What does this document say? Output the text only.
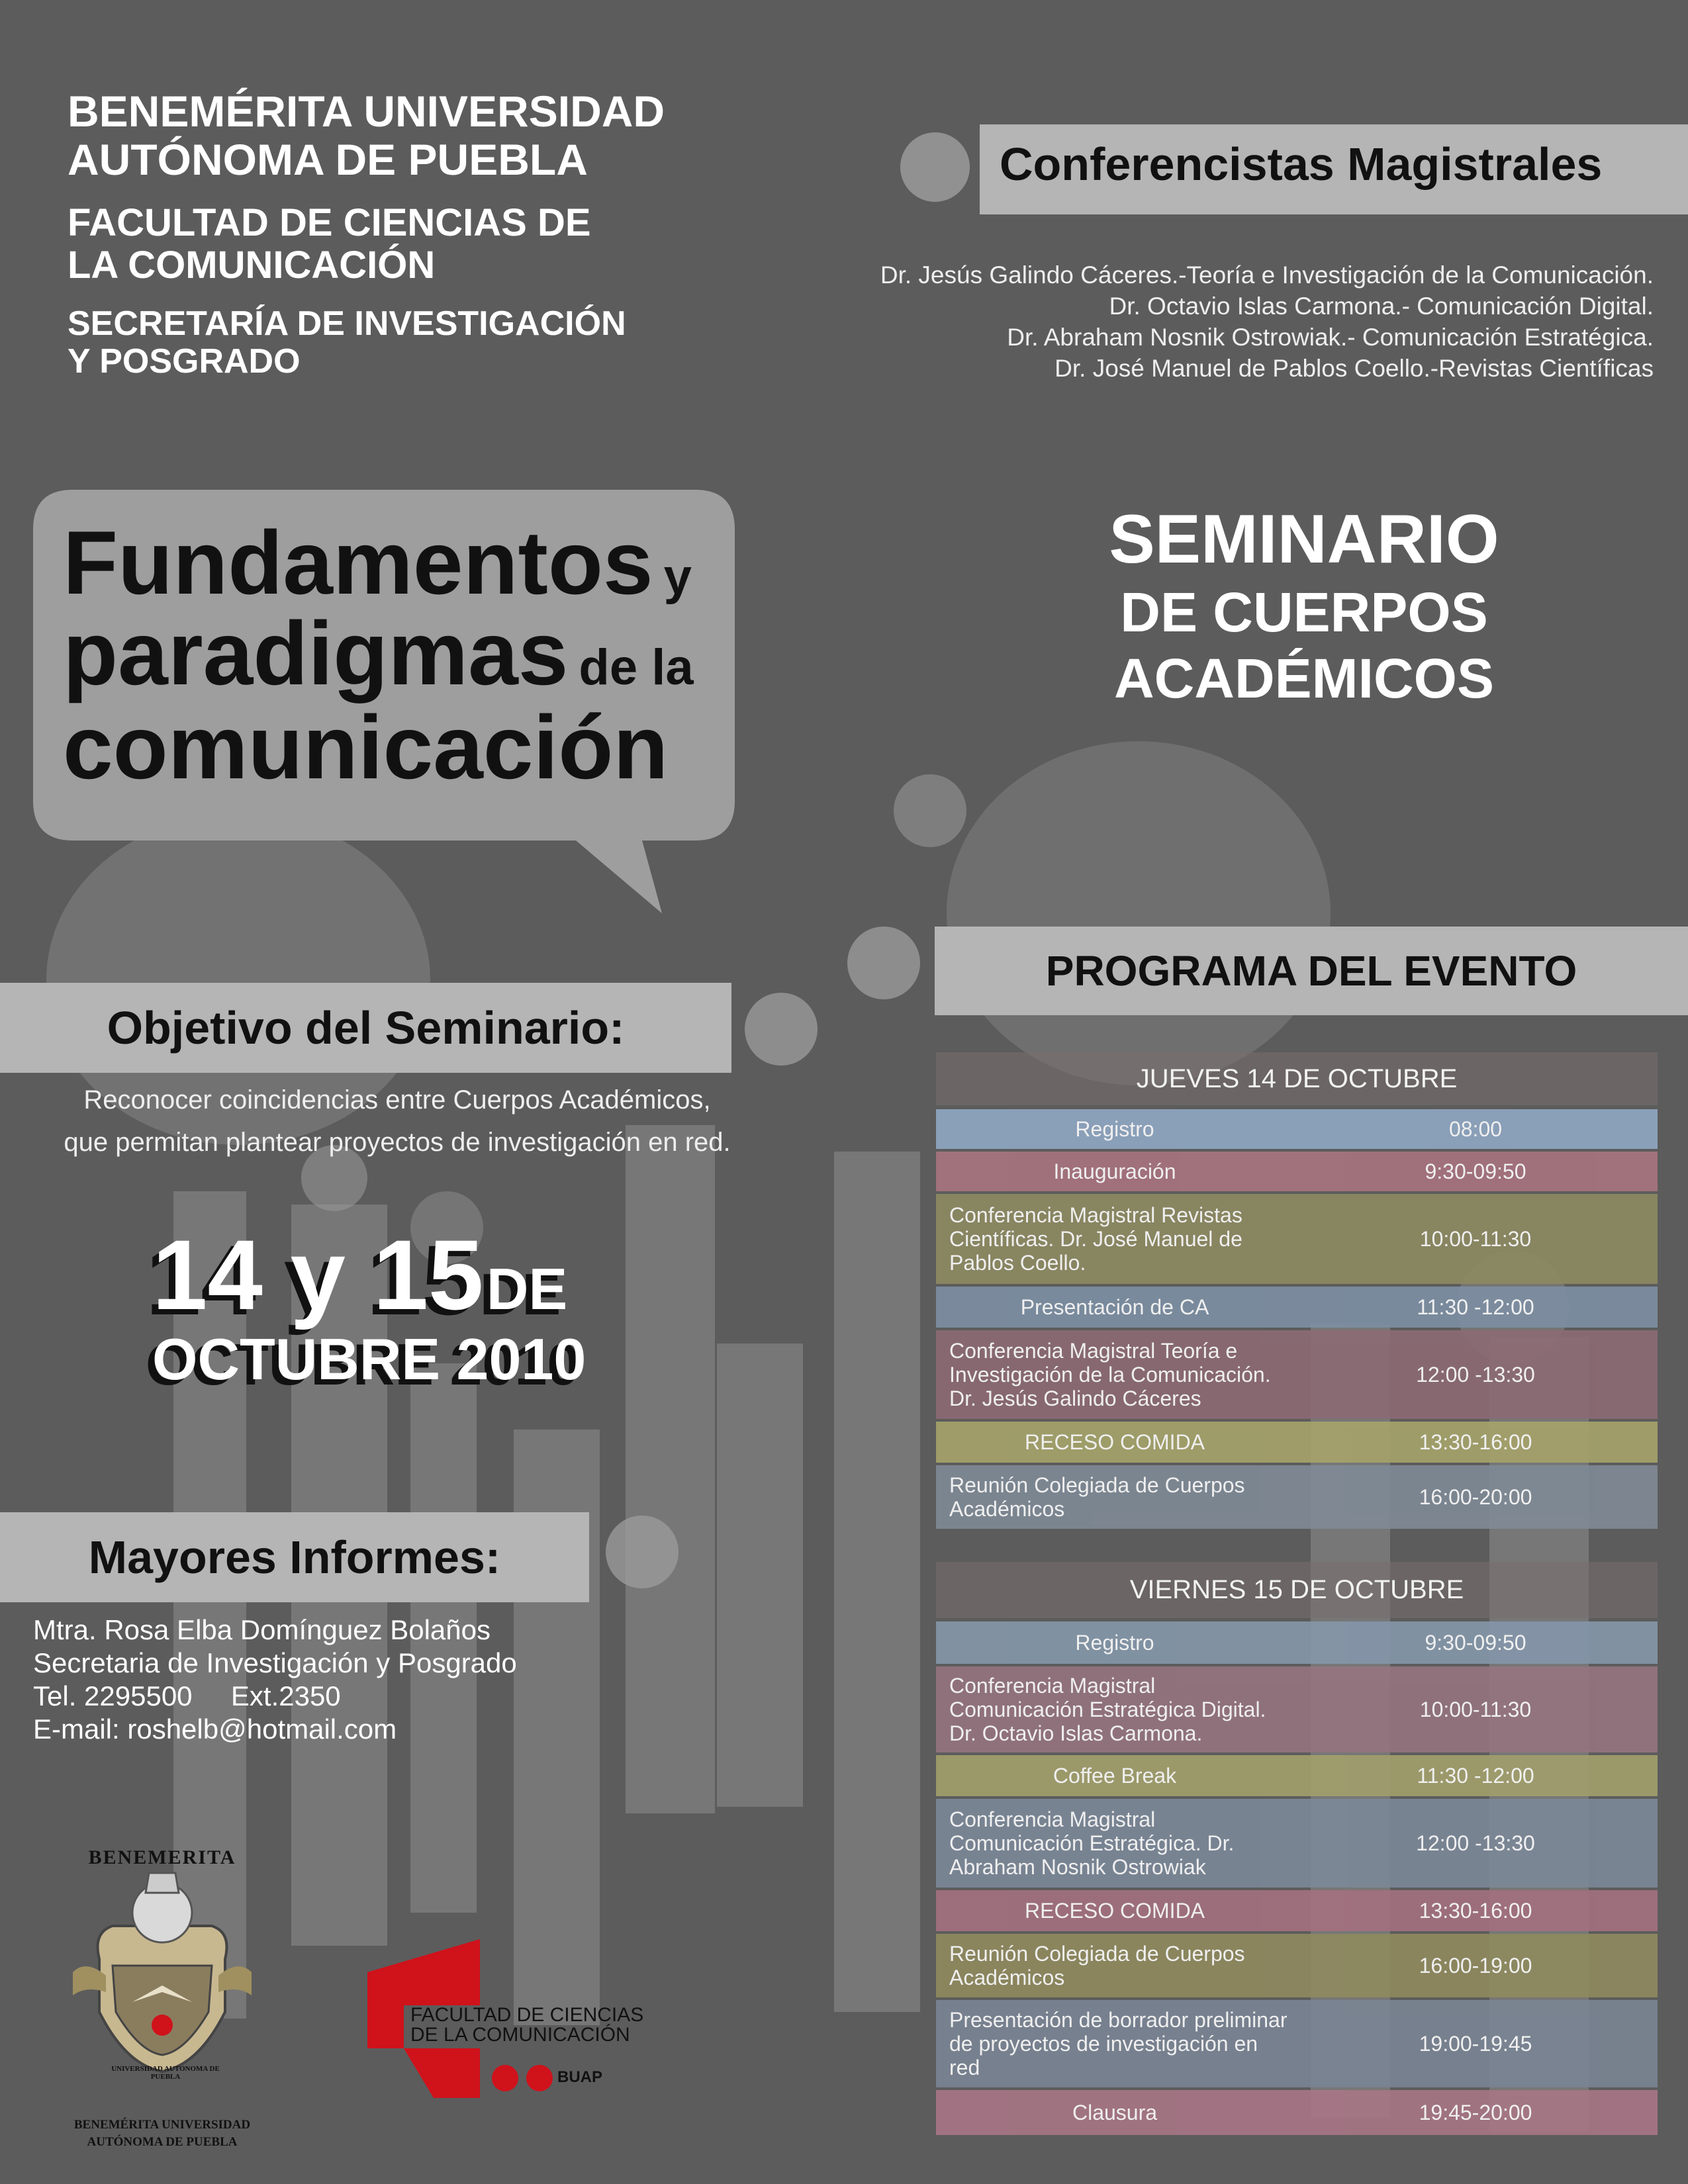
BENEMÉRITA UNIVERSIDAD
AUTÓNOMA DE PUEBLA
FACULTAD DE CIENCIAS DE
LA COMUNICACIÓN
SECRETARÍA DE INVESTIGACIÓN
Y POSGRADO
Conferencistas Magistrales
Dr. Jesús Galindo Cáceres.-Teoría e Investigación de la Comunicación.
Dr. Octavio Islas Carmona.- Comunicación Digital.
Dr. Abraham Nosnik Ostrowiak.- Comunicación Estratégica.
Dr. José Manuel de Pablos Coello.-Revistas Científicas
Fundamentos y
paradigmas de la
comunicación
SEMINARIO
DE CUERPOS
ACADÉMICOS
Objetivo del Seminario:
Reconocer coincidencias entre Cuerpos Académicos,
que permitan plantear proyectos de investigación en red.
14 y 15 DE
OCTUBRE 2010
Mayores Informes:
Mtra. Rosa Elba Domínguez Bolaños
Secretaria de Investigación y Posgrado
Tel. 2295500     Ext.2350
E-mail: roshelb@hotmail.com
PROGRAMA DEL EVENTO
JUEVES 14 DE OCTUBRE
Registro	08:00
Inauguración	9:30-09:50
Conferencia Magistral Revistas Científicas. Dr. José Manuel de Pablos Coello.
10:00-11:30
Presentación de CA	11:30 -12:00
Conferencia Magistral Teoría e Investigación de la Comunicación. Dr. Jesús Galindo Cáceres
12:00 -13:30
RECESO COMIDA	13:30-16:00
Reunión Colegiada de Cuerpos Académicos
16:00-20:00
VIERNES 15 DE OCTUBRE
Registro	9:30-09:50
Conferencia Magistral Comunicación Estratégica Digital. Dr. Octavio Islas Carmona.
10:00-11:30
Coffee Break	11:30 -12:00
Conferencia Magistral Comunicación Estratégica. Dr. Abraham Nosnik Ostrowiak
12:00 -13:30
RECESO COMIDA	13:30-16:00
Reunión Colegiada de Cuerpos Académicos
16:00-19:00
Presentación de borrador preliminar de proyectos de investigación en red
19:00-19:45
Clausura	19:45-20:00
BENEMERITA
UNIVERSIDAD AUTONOMA DE PUEBLA
BENEMÉRITA UNIVERSIDAD
AUTÓNOMA DE PUEBLA
FACULTAD DE CIENCIAS
DE LA COMUNICACIÓN
BUAP
